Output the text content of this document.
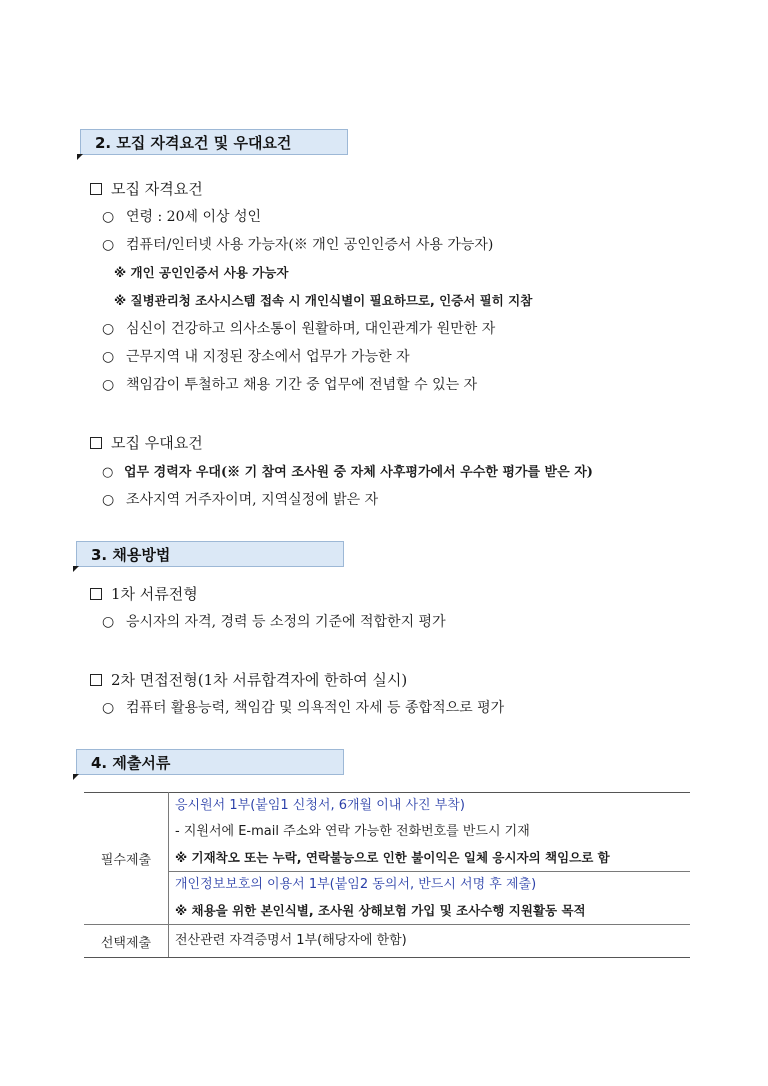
2. 모집 자격요건 및 우대요건
모집 자격요건
○ 연령 : 20세 이상 성인
○ 컴퓨터/인터넷 사용 가능자(※ 개인 공인인증서 사용 가능자)
※ 개인 공인인증서 사용 가능자
※ 질병관리청 조사시스템 접속 시 개인식별이 필요하므로, 인증서 필히 지참
○ 심신이 건강하고 의사소통이 원활하며, 대인관계가 원만한 자
○ 근무지역 내 지정된 장소에서 업무가 가능한 자
○ 책임감이 투철하고 채용 기간 중 업무에 전념할 수 있는 자
모집 우대요건
○ 업무 경력자 우대(※ 기 참여 조사원 중 자체 사후평가에서 우수한 평가를 받은 자)
○ 조사지역 거주자이며, 지역실정에 밝은 자
3. 채용방법
1차 서류전형
○ 응시자의 자격, 경력 등 소정의 기준에 적합한지 평가
2차 면접전형(1차 서류합격자에 한하여 실시)
○ 컴퓨터 활용능력, 책임감 및 의욕적인 자세 등 종합적으로 평가
4. 제출서류
필수제출	응시원서 1부(붙임1 신청서, 6개월 이내 사진 부착)

	- 지원서에 E-mail 주소와 연락 가능한 전화번호를 반드시 기재

	※ 기재착오 또는 누락, 연락불능으로 인한 불이익은 일체 응시자의 책임으로 함

	개인정보보호의 이용서 1부(붙임2 동의서, 반드시 서명 후 제출)

	※ 채용을 위한 본인식별, 조사원 상해보험 가입 및 조사수행 지원활동 목적

선택제출	전산관련 자격증명서 1부(해당자에 한함)
